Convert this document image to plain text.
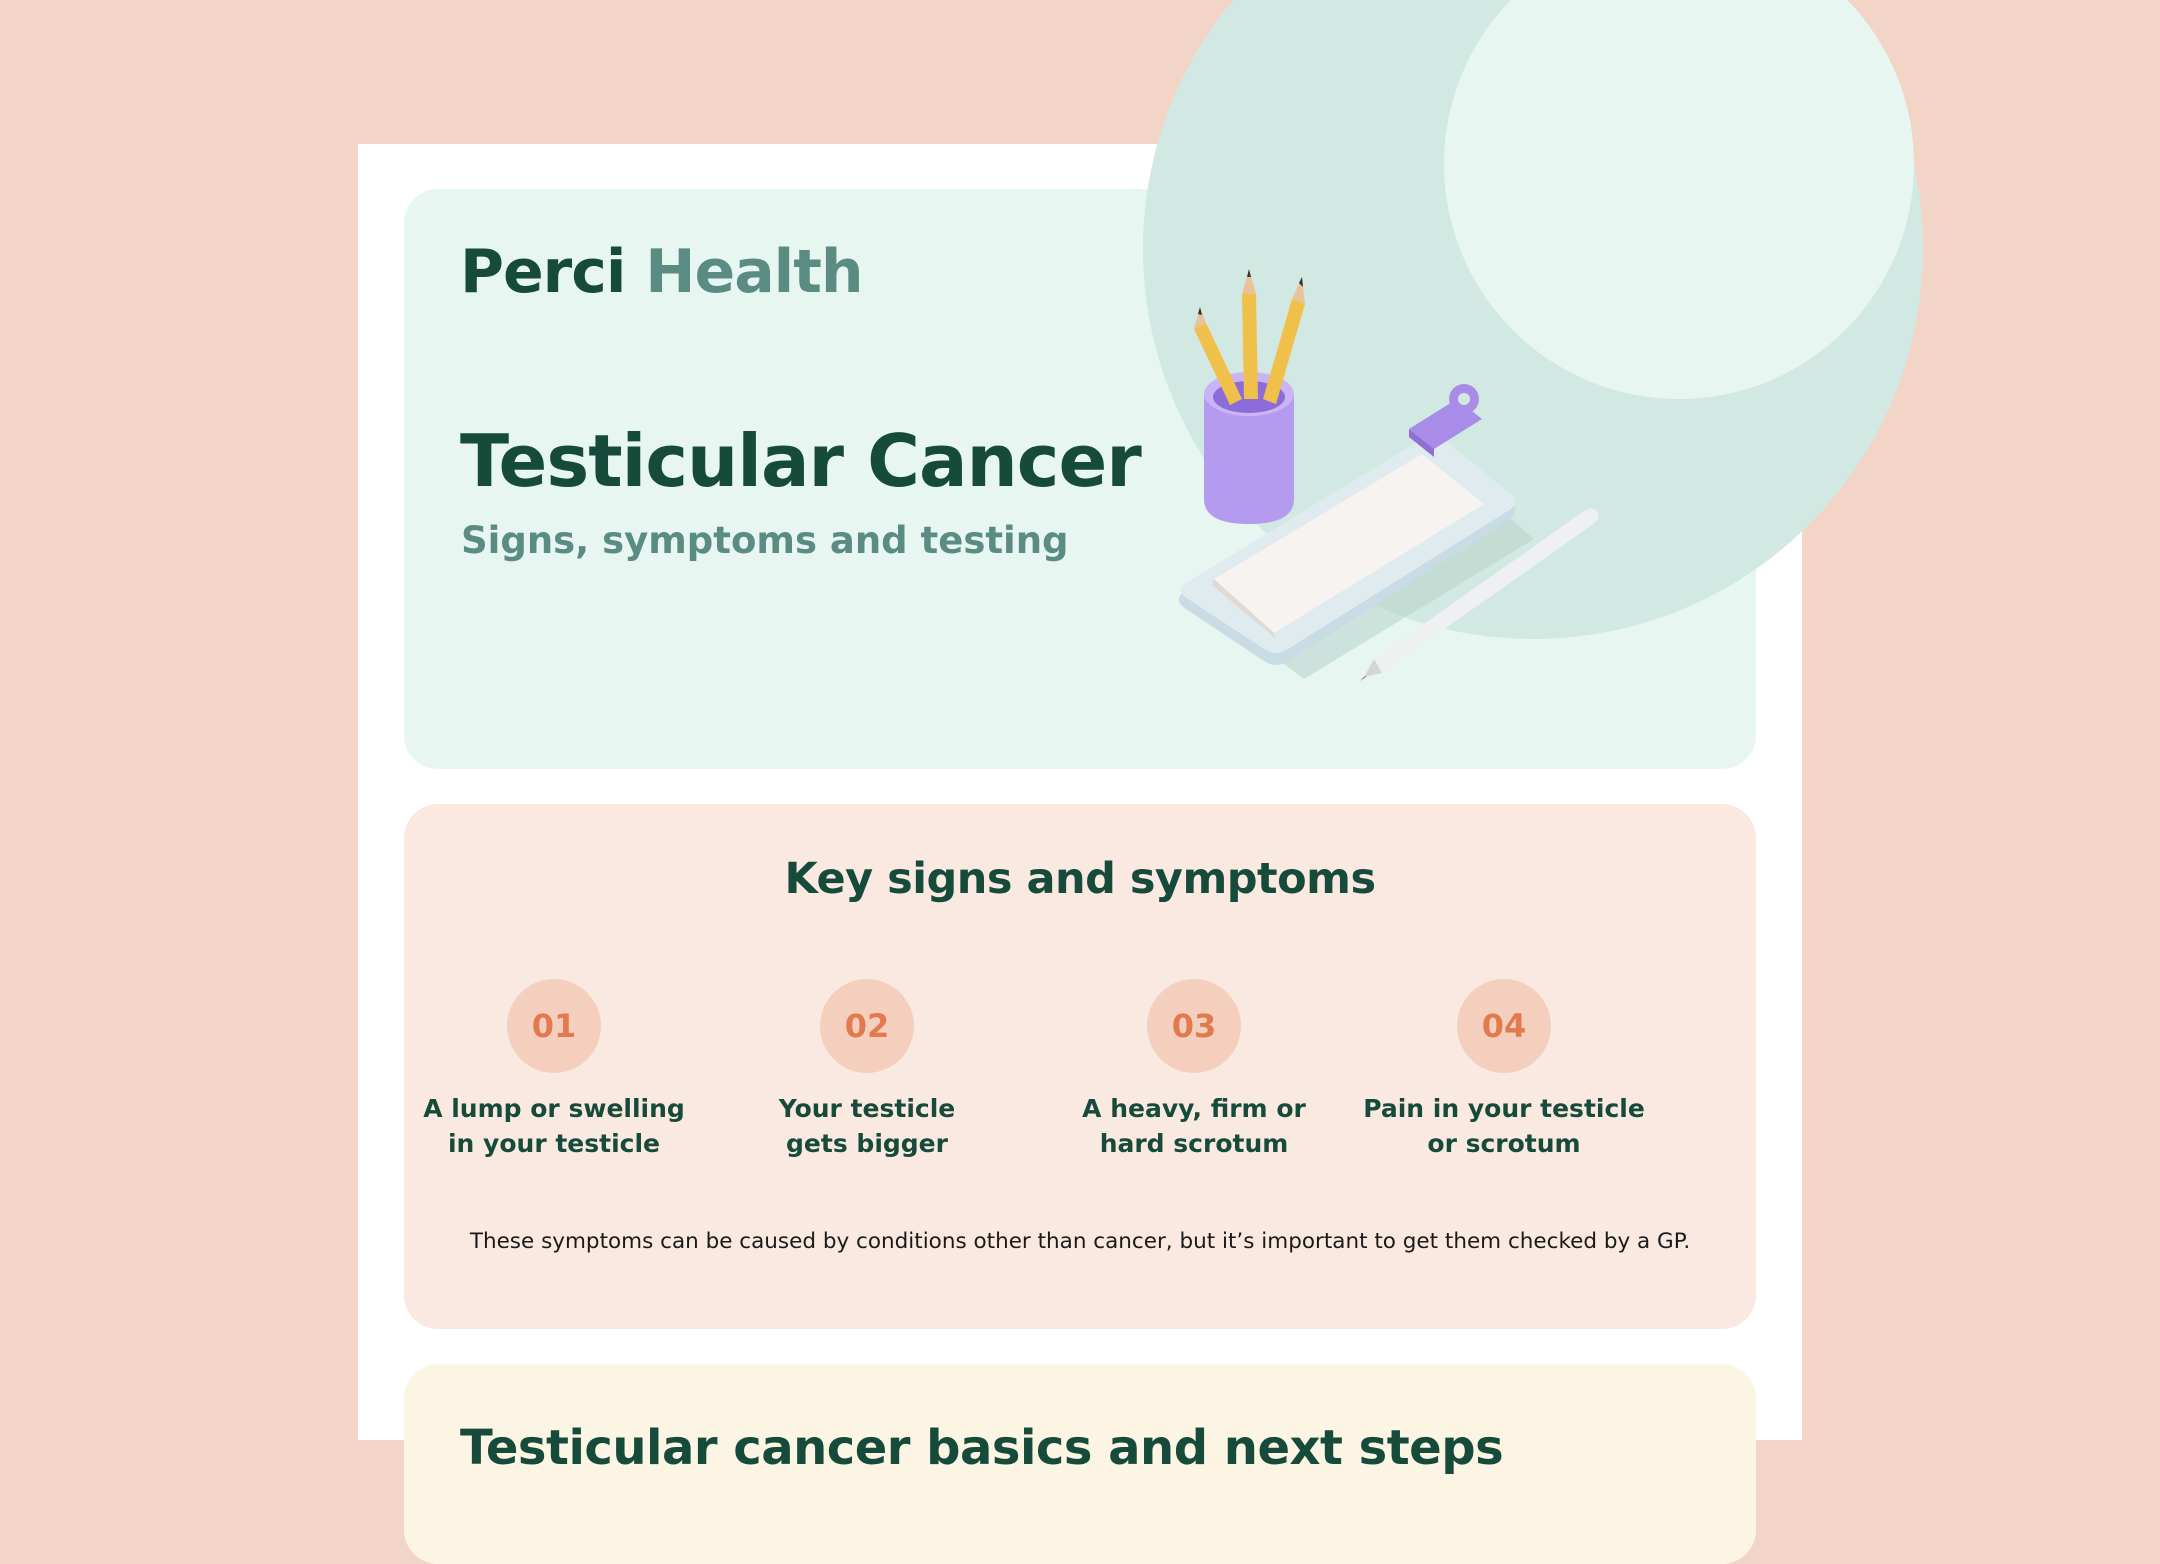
Perci Health
Testicular Cancer
Signs, symptoms and testing
Key signs and symptoms
01
A lump or swelling
in your testicle
02
Your testicle
gets bigger
03
A heavy, firm or
hard scrotum
04
Pain in your testicle
or scrotum

These symptoms can be caused by conditions other than cancer, but it’s important to get them checked by a GP.

Testicular cancer basics and next steps
